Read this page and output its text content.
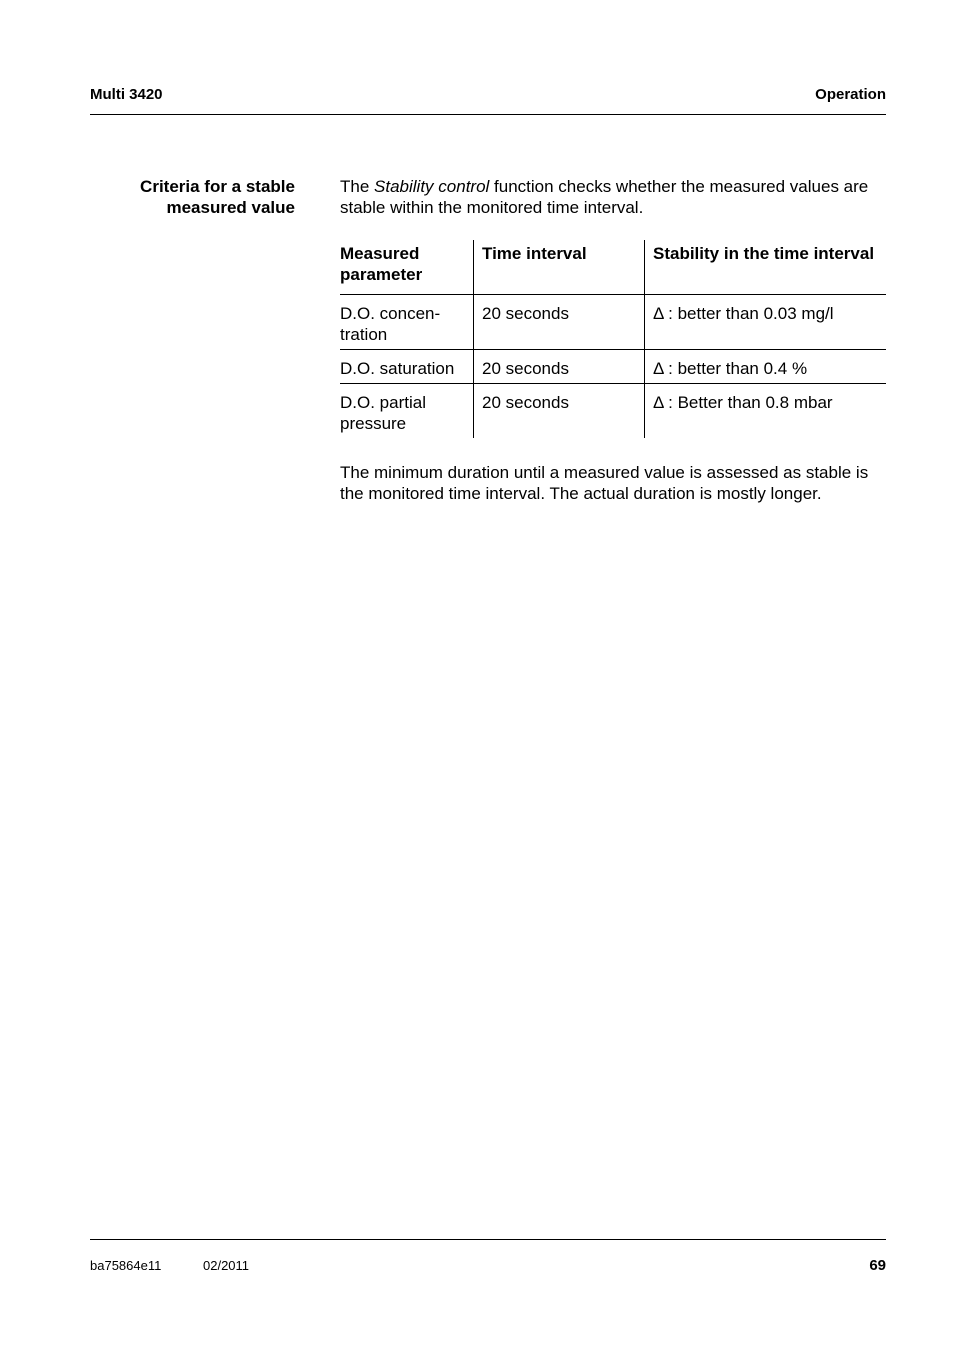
Multi 3420	Operation
Criteria for a stable measured value
The Stability control function checks whether the measured values are stable within the monitored time interval.
Measured parameter	Time interval	Stability in the time interval
D.O. concen-tration	20 seconds	Δ : better than 0.03 mg/l
D.O. saturation	20 seconds	Δ : better than 0.4 %
D.O. partial pressure	20 seconds	Δ : Better than 0.8 mbar
The minimum duration until a measured value is assessed as stable is the monitored time interval. The actual duration is mostly longer.
ba75864e11	02/2011	69
